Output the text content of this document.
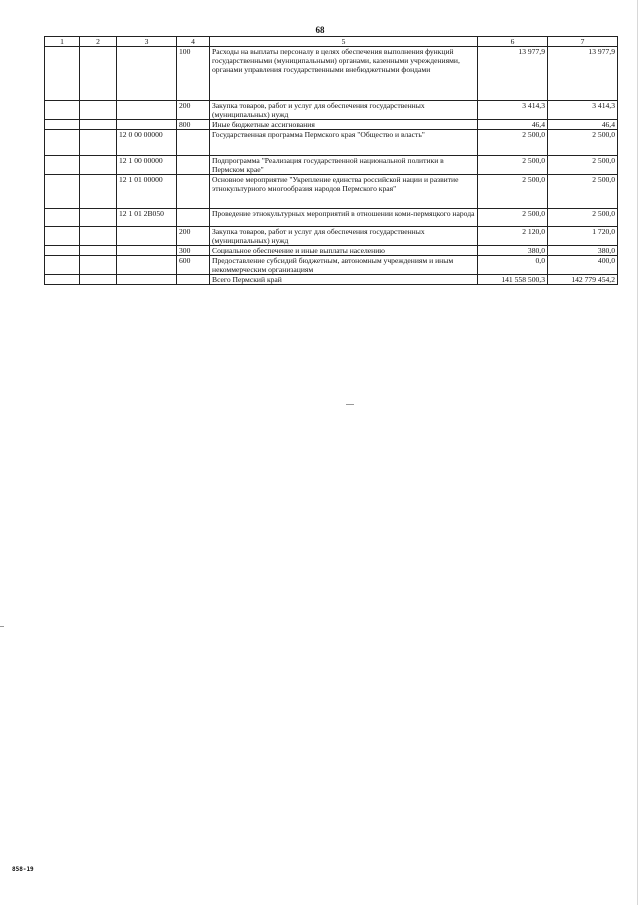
68
1	2	3	4	5	6	7
			100	Расходы на выплаты персоналу в целях обеспечения выполнения функций государственными (муниципальными) органами, казенными учреждениями, органами управления государственными внебюджетными фондами	13 977,9	13 977,9
			200	Закупка товаров, работ и услуг для обеспечения государственных (муниципальных) нужд	3 414,3	3 414,3
			800	Иные бюджетные ассигнования	46,4	46,4
		12 0 00 00000		Государственная программа Пермского края "Общество и власть"	2 500,0	2 500,0
		12 1 00 00000		Подпрограмма "Реализация государственной национальной политики в Пермском крае"	2 500,0	2 500,0
		12 1 01 00000		Основное мероприятие "Укрепление единства российской нации и развитие этнокультурного многообразия народов Пермского края"	2 500,0	2 500,0
		12 1 01 2В050		Проведение этнокультурных мероприятий в отношении коми-пермяцкого народа	2 500,0	2 500,0
			200	Закупка товаров, работ и услуг для обеспечения государственных (муниципальных) нужд	2 120,0	1 720,0
			300	Социальное обеспечение и иные выплаты населению	380,0	380,0
			600	Предоставление субсидий бюджетным, автономным учреждениям и иным некоммерческим организациям	0,0	400,0
				Всего Пермский край	141 558 500,3	142 779 454,2
858-19
